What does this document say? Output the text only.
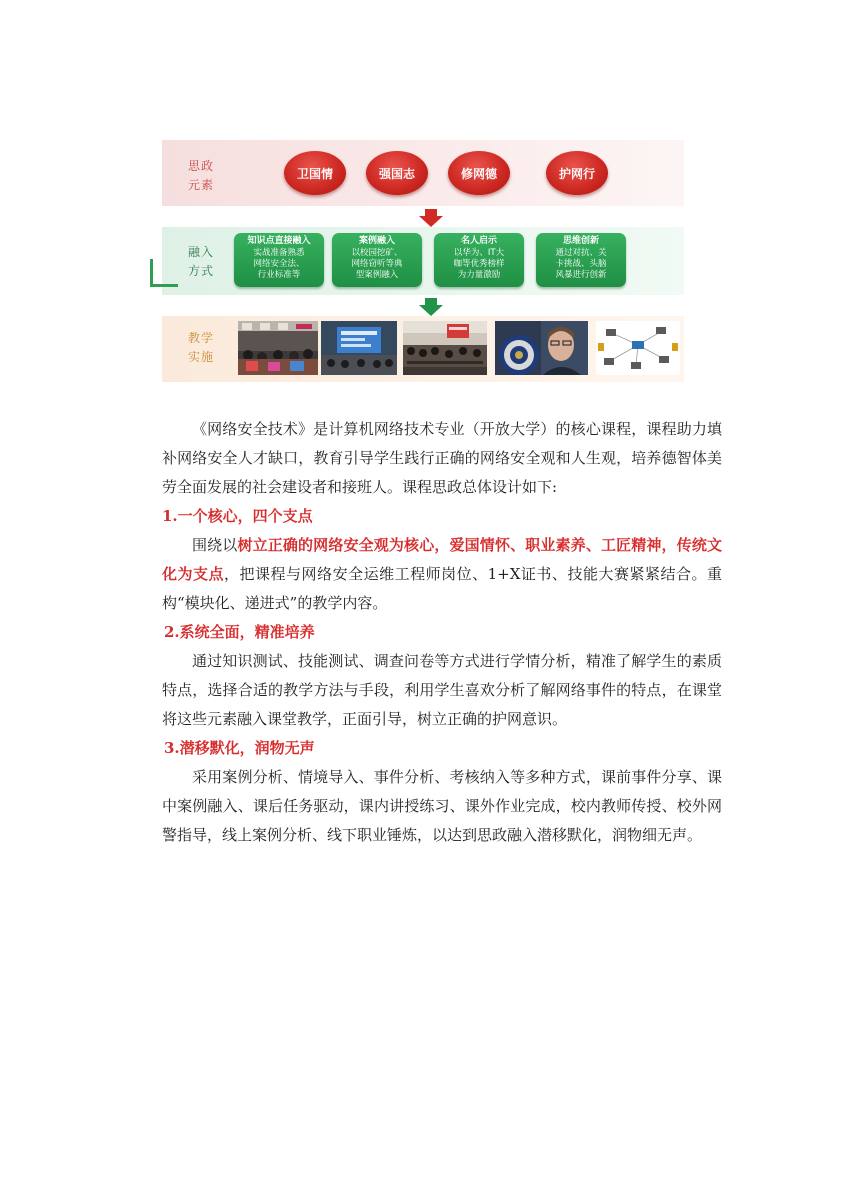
思政
元素
卫国情	强国志	修网德	护网行
融入
方式
知识点直接融入
实战准备熟悉
网络安全法、
行业标准等
案例融入
以校园挖矿、
网络窃听等典
型案例融入
名人启示
以华为、IT大
咖等优秀榜样
为力量激励
思维创新
通过对抗、关
卡挑战、头脑
风暴进行创新
教学
实施

《网络安全技术》是计算机网络技术专业（开放大学）的核心课程，课程助力填补网络安全人才缺口，教育引导学生践行正确的网络安全观和人生观，培养德智体美劳全面发展的社会建设者和接班人。课程思政总体设计如下:

1.一个核心，四个支点

围绕以树立正确的网络安全观为核心，爱国情怀、职业素养、工匠精神，传统文化为支点，把课程与网络安全运维工程师岗位、1+X证书、技能大赛紧紧结合。重构“模块化、递进式”的教学内容。

2.系统全面，精准培养

通过知识测试、技能测试、调查问卷等方式进行学情分析，精准了解学生的素质特点，选择合适的教学方法与手段，利用学生喜欢分析了解网络事件的特点，在课堂将这些元素融入课堂教学，正面引导，树立正确的护网意识。

3.潜移默化，润物无声

采用案例分析、情境导入、事件分析、考核纳入等多种方式，课前事件分享、课中案例融入、课后任务驱动，课内讲授练习、课外作业完成，校内教师传授、校外网警指导，线上案例分析、线下职业锤炼，以达到思政融入潜移默化，润物细无声。
